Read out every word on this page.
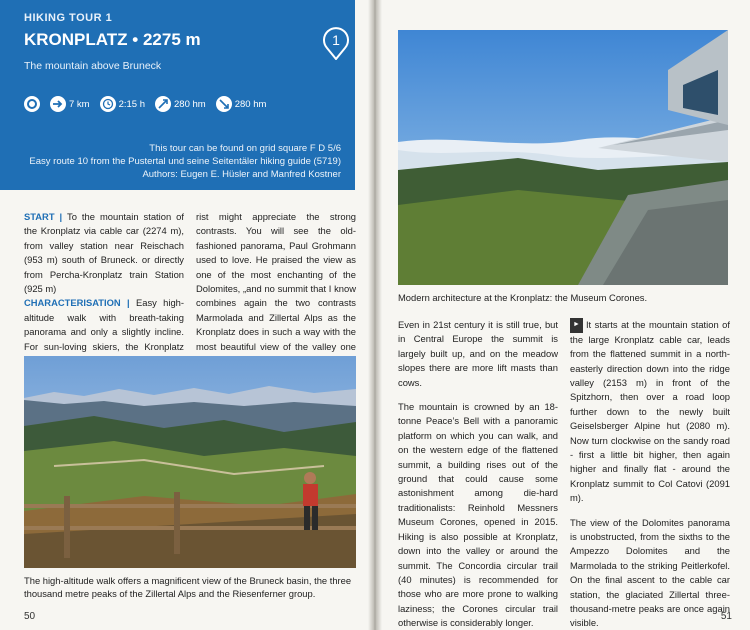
HIKING TOUR 1
KRONPLATZ • 2275 m	1
The mountain above Bruneck
7 km	2:15 h	280 hm	280 hm
This tour can be found on grid square F D 5/6
Easy route 10 from the Pustertal und seine Seitentäler hiking guide (5719)
Authors: Eugen E. Hüsler and Manfred Kostner
START | To the mountain station of the Kronplatz via cable car (2274 m), from valley station near Reischach (953 m) south of Bruneck. or directly from Percha-Kronplatz train Station (925 m)
CHARACTERISATION | Easy high-altitude walk with breath-taking panorama and only a slightly incline. For sun-loving skiers, the Kronplatz
rist might appreciate the strong contrasts. You will see the old-fashioned panorama, Paul Grohmann used to love. He praised the view as one of the most enchanting of the Dolomites, „and no summit that I know combines again the two contrasts Marmolada and Zillertal Alps as the Kronplatz does in such a way with the most beautiful view of the valley one
The high-altitude walk offers a magnificent view of the Bruneck basin, the three thousand metre peaks of the Zillertal Alps and the Riesenferner group.
50
Modern architecture at the Kronplatz: the Museum Corones.
Even in 21st century it is still true, but in Central Europe the summit is largely built up, and on the meadow slopes there are more lift masts than cows.
The mountain is crowned by an 18-tonne Peace’s Bell with a panoramic platform on which you can walk, and on the western edge of the flattened summit, a building rises out of the ground that could cause some astonishment among die-hard traditionalists: Reinhold Messners Museum Corones, opened in 2015. Hiking is also possible at Kronplatz, down into the valley or around the summit. The Concordia circular trail (40 minutes) is recommended for those who are more prone to walking laziness; the Corones circular trail otherwise is considerably longer.
► It starts at the mountain station of the large Kronplatz cable car, leads from the flattened summit in a north-easterly direction down into the ridge valley (2153 m) in front of the Spitzhorn, then over a road loop further down to the newly built Geiselsberger Alpine hut (2080 m). Now turn clockwise on the sandy road - first a little bit higher, then again higher and finally flat - around the Kronplatz summit to Col Catovi (2091 m).
The view of the Dolomites panorama is unobstructed, from the sixths to the Ampezzo Dolomites and the Marmolada to the striking Peitlerkofel. On the final ascent to the cable car station, the glaciated Zillertal three-thousand-metre peaks are once again visible.
51
